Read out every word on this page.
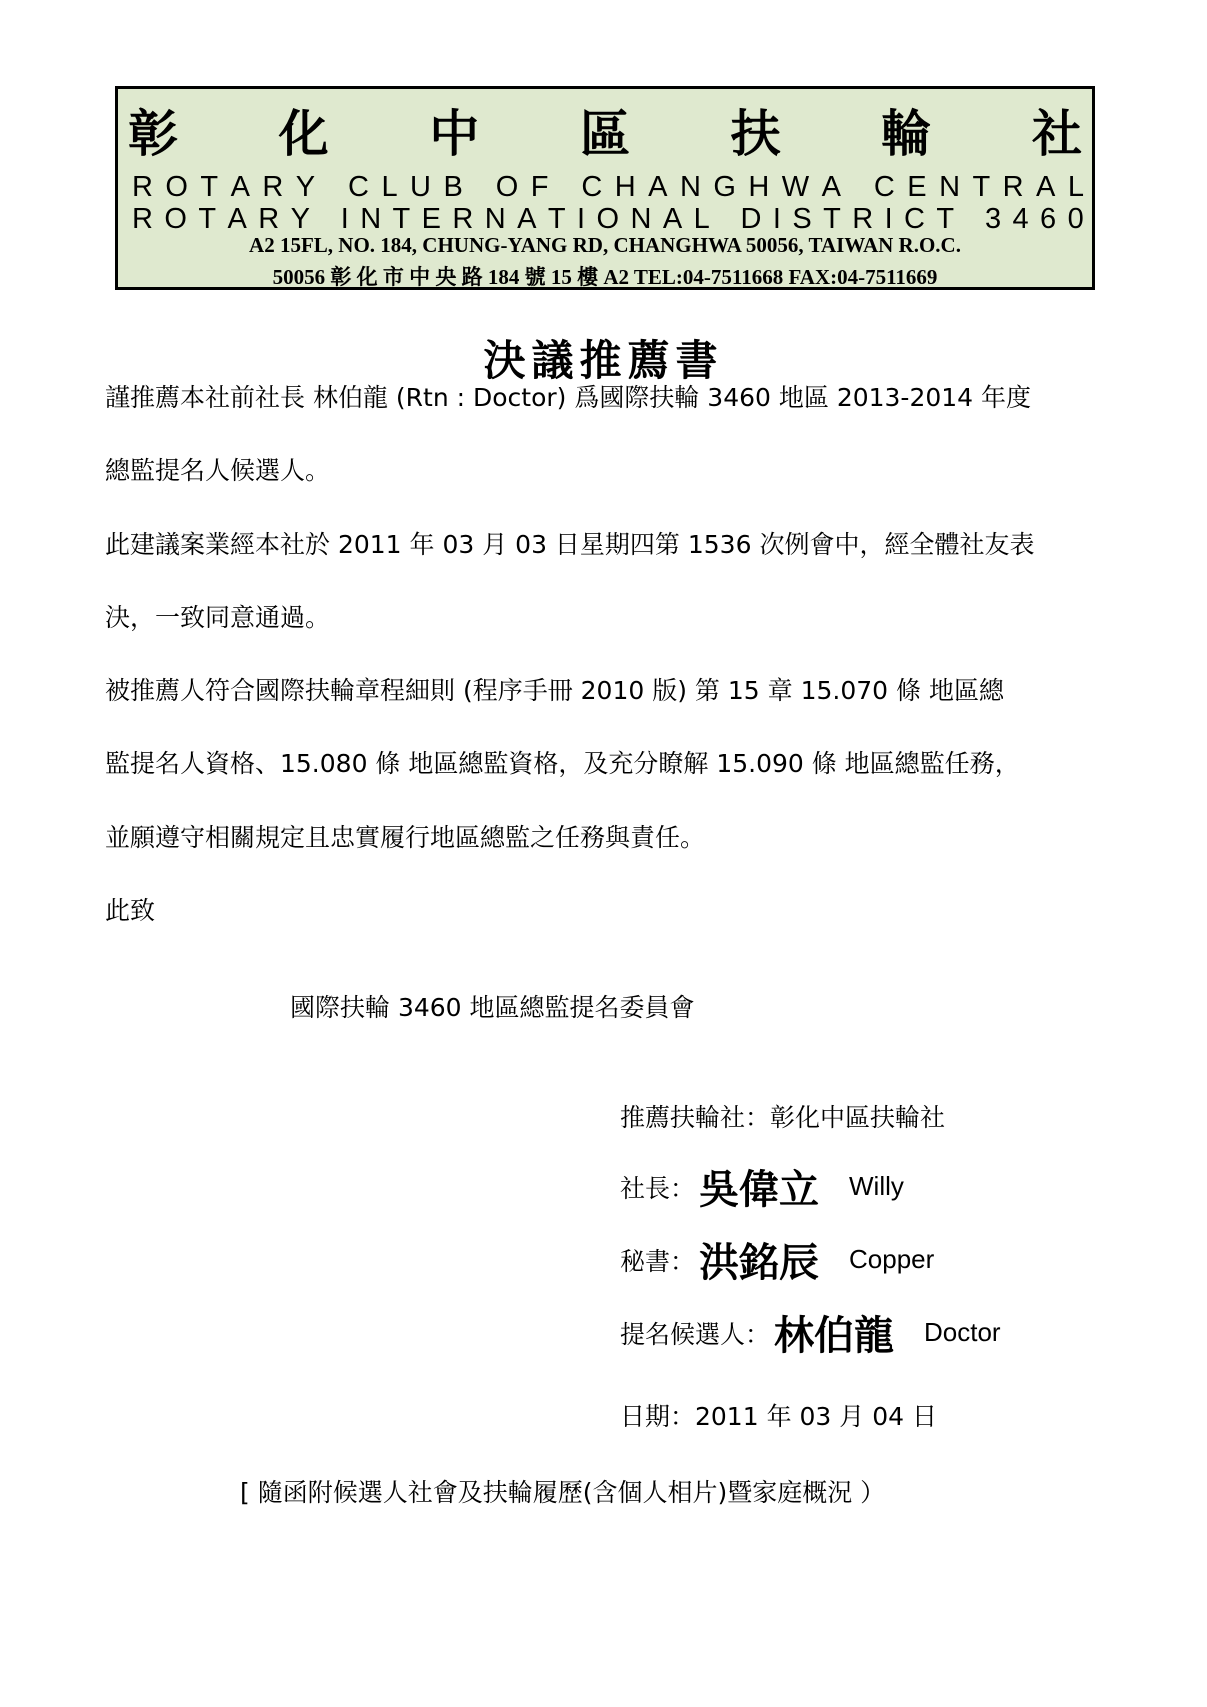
彰 化 中 區 扶 輪 社
R O T A R Y C L U B O F C H A N G H W A C E N T R A L
R O T A R Y I N T E R N A T I O N A L D I S T R I C T 3 4 6 0
A2 15FL, NO. 184, CHUNG-YANG RD, CHANGHWA 50056, TAIWAN R.O.C.
50056 彰 化 市 中 央 路 184 號 15 樓 A2 TEL:04-7511668 FAX:04-7511669
決議推薦書
謹推薦本社前社長 林伯龍 (Rtn : Doctor) 爲國際扶輪 3460 地區 2013-2014 年度
總監提名人候選人。
此建議案業經本社於 2011 年 03 月 03 日星期四第 1536 次例會中，經全體社友表
決，一致同意通過。
被推薦人符合國際扶輪章程細則 (程序手冊 2010 版) 第 15 章 15.070 條 地區總
監提名人資格、15.080 條 地區總監資格，及充分瞭解 15.090 條 地區總監任務，
並願遵守相關規定且忠實履行地區總監之任務與責任。
此致
國際扶輪 3460 地區總監提名委員會
推薦扶輪社：彰化中區扶輪社
社長： 吳偉立 Willy
秘書： 洪銘辰 Copper
提名候選人： 林伯龍 Doctor
日期：2011 年 03 月 04 日
[ 隨函附候選人社會及扶輪履歷(含個人相片)暨家庭概況 ）
